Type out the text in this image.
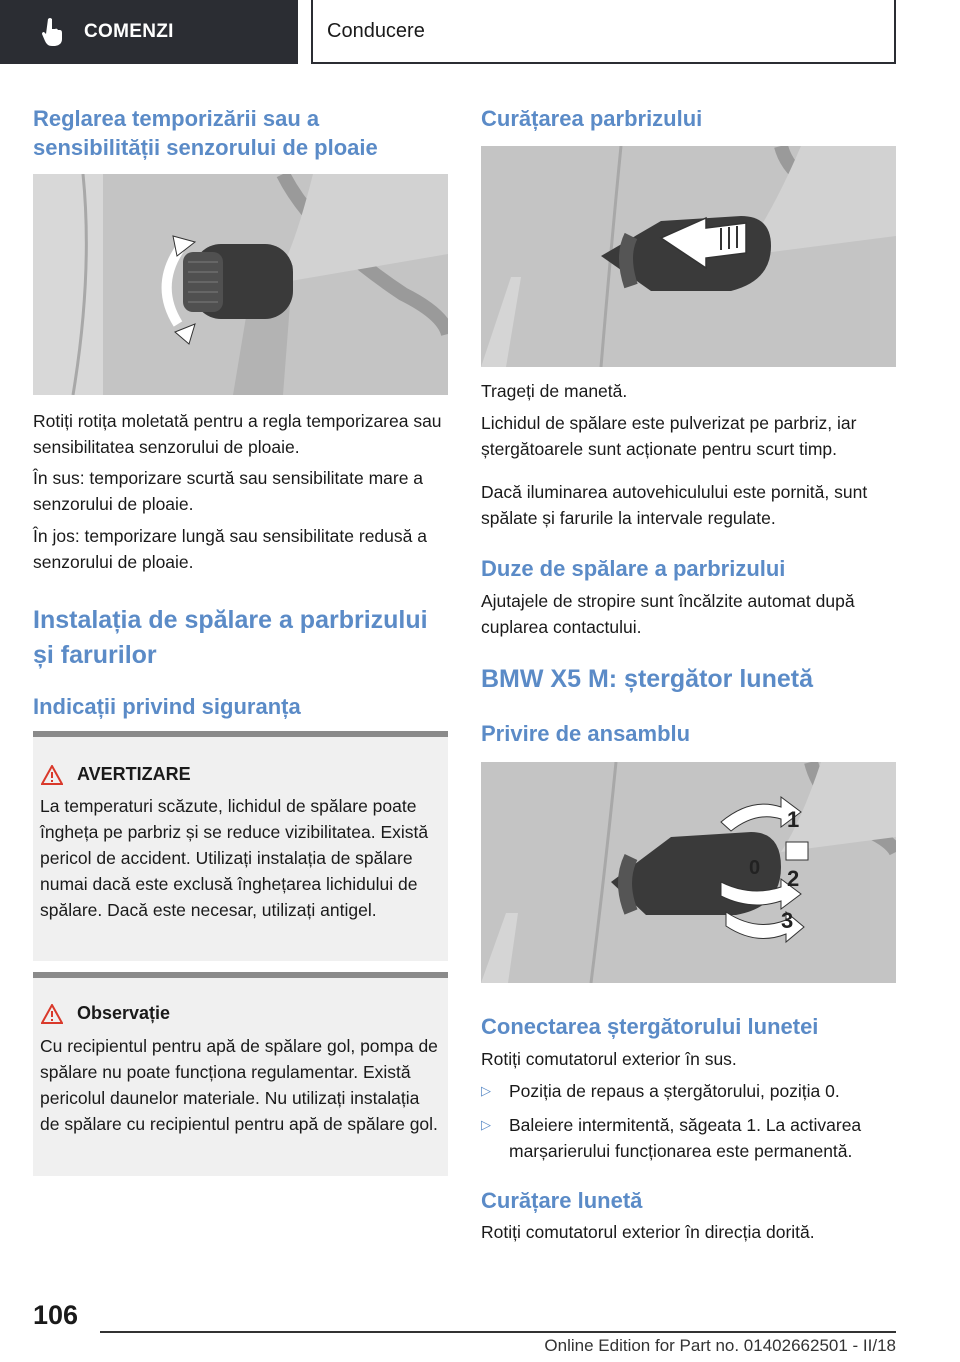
COMENZI	Conducere
Reglarea temporizării sau a sensibilității senzorului de ploaie
Rotiți rotița moletată pentru a regla temporizarea sau sensibilitatea senzorului de ploaie.
În sus: temporizare scurtă sau sensibilitate mare a senzorului de ploaie.
În jos: temporizare lungă sau sensibilitate redusă a senzorului de ploaie.
Instalația de spălare a parbrizului și farurilor
Indicații privind siguranța
AVERTIZARE
La temperaturi scăzute, lichidul de spălare poate îngheța pe parbriz și se reduce vizibilitatea. Există pericol de accident. Utilizați instalația de spălare numai dacă este exclusă înghețarea lichidului de spălare. Dacă este necesar, utilizați antigel.
Observație
Cu recipientul pentru apă de spălare gol, pompa de spălare nu poate funcționa regulamentar. Există pericolul daunelor materiale. Nu utilizați instalația de spălare cu recipientul pentru apă de spălare gol.
Curățarea parbrizului
Trageți de manetă.
Lichidul de spălare este pulverizat pe parbriz, iar ștergătoarele sunt acționate pentru scurt timp.
Dacă iluminarea autovehiculului este pornită, sunt spălate și farurile la intervale regulate.
Duze de spălare a parbrizului
Ajutajele de stropire sunt încălzite automat după cuplarea contactului.
BMW X5 M: ștergător lunetă
Privire de ansamblu
1
0 2
3
Conectarea ștergătorului lunetei
Rotiți comutatorul exterior în sus.
▷ Poziția de repaus a ștergătorului, poziția 0.
▷ Baleiere intermitentă, săgeata 1. La activarea marșarierului funcționarea este permanentă.
Curățare lunetă
Rotiți comutatorul exterior în direcția dorită.
106
Online Edition for Part no. 01402662501 - II/18
